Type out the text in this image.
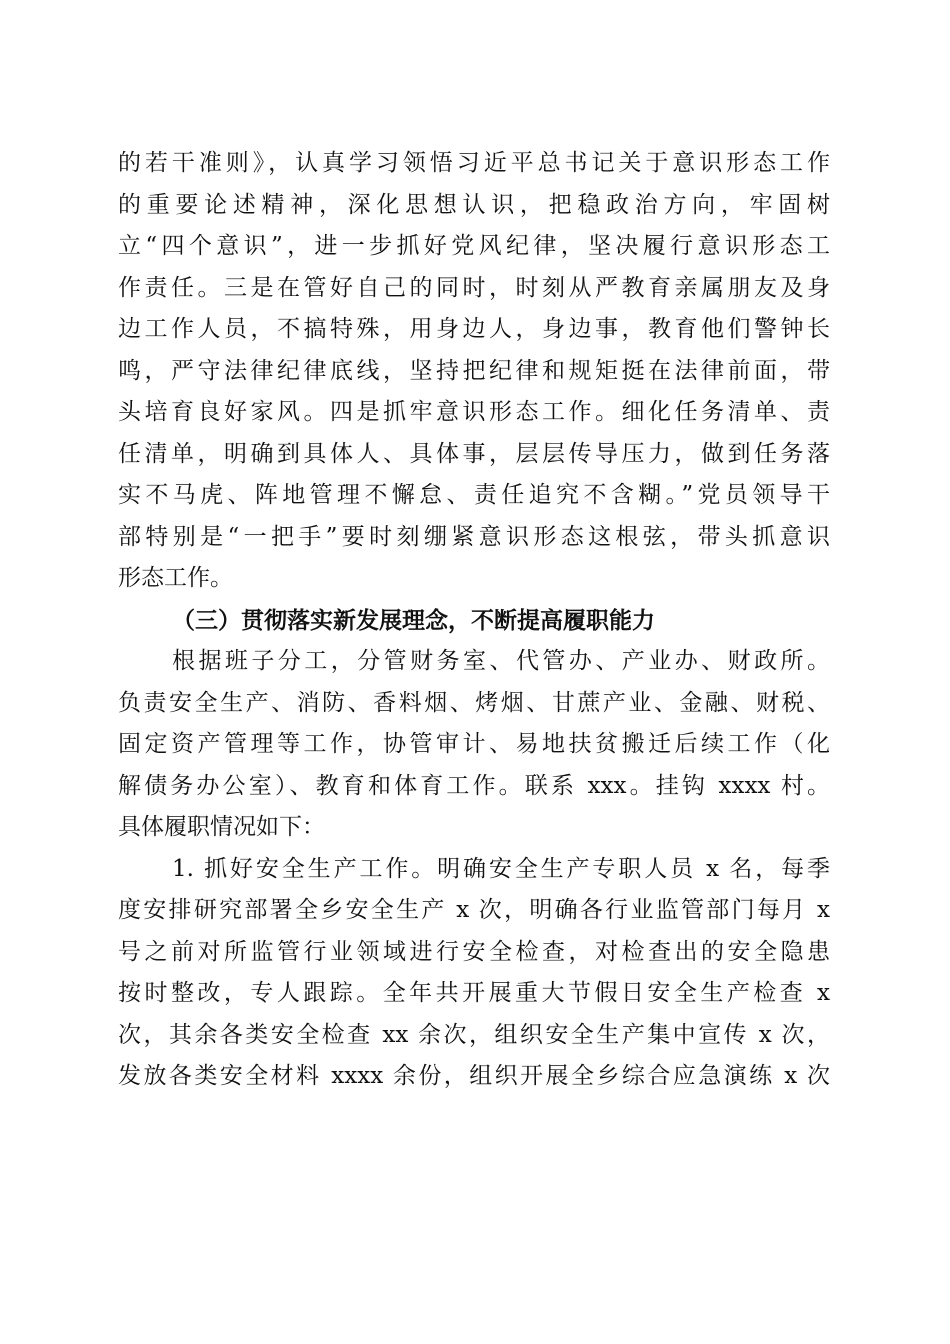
的若干准则》，认真学习领悟习近平总书记关于意识形态工作
的重要论述精神，深化思想认识，把稳政治方向，牢固树
立“四个意识”，进一步抓好党风纪律，坚决履行意识形态工
作责任。三是在管好自己的同时，时刻从严教育亲属朋友及身
边工作人员，不搞特殊，用身边人，身边事，教育他们警钟长
鸣，严守法律纪律底线，坚持把纪律和规矩挺在法律前面，带
头培育良好家风。四是抓牢意识形态工作。细化任务清单、责
任清单，明确到具体人、具体事，层层传导压力，做到任务落
实不马虎、阵地管理不懈怠、责任追究不含糊。”党员领导干
部特别是“一把手”要时刻绷紧意识形态这根弦，带头抓意识
形态工作。
（三）贯彻落实新发展理念，不断提高履职能力
根据班子分工，分管财务室、代管办、产业办、财政所。
负责安全生产、消防、香料烟、烤烟、甘蔗产业、金融、财税、
固定资产管理等工作，协管审计、易地扶贫搬迁后续工作（化
解债务办公室）、教育和体育工作。联系 xxx。挂钩 xxxx 村。
具体履职情况如下：
1. 抓好安全生产工作。明确安全生产专职人员 x 名，每季
度安排研究部署全乡安全生产 x 次，明确各行业监管部门每月 x
号之前对所监管行业领域进行安全检查，对检查出的安全隐患
按时整改，专人跟踪。全年共开展重大节假日安全生产检查 x
次，其余各类安全检查 xx 余次，组织安全生产集中宣传 x 次，
发放各类安全材料 xxxx 余份，组织开展全乡综合应急演练 x 次
